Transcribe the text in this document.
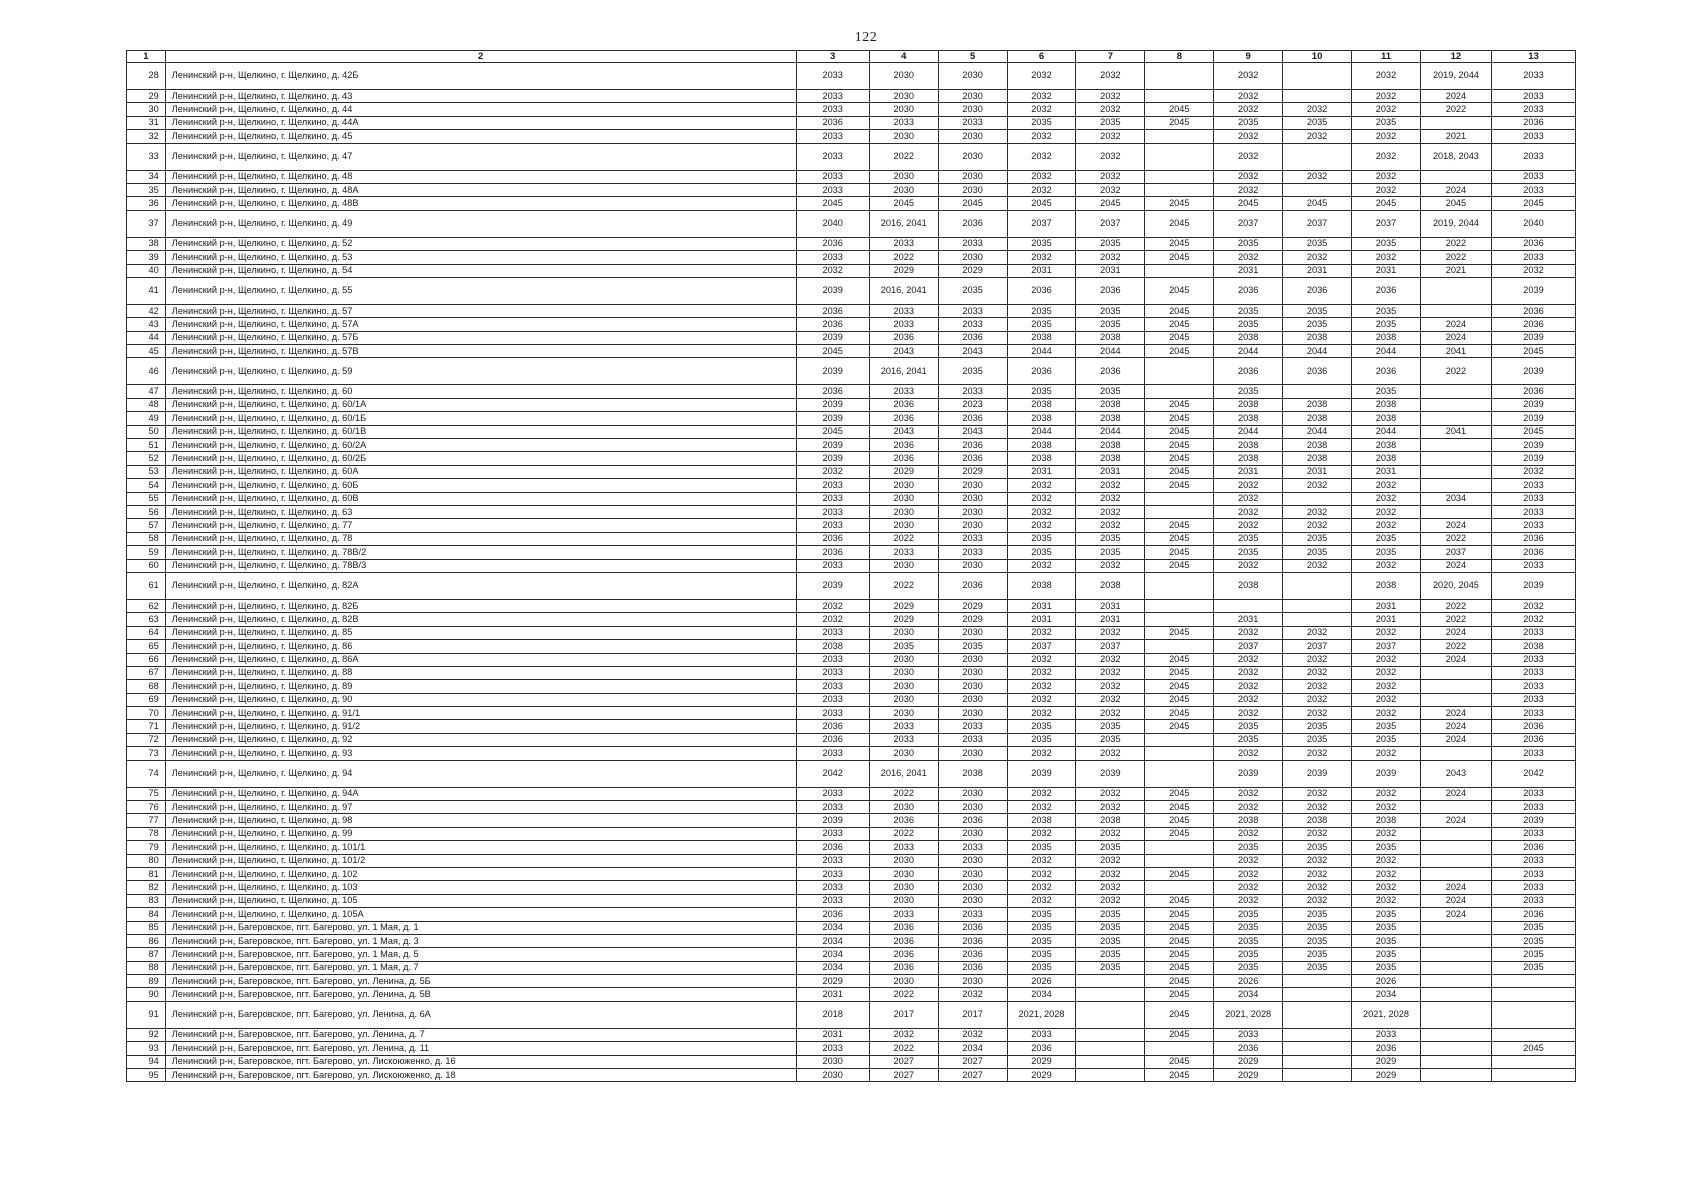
122
1	2	3	4	5	6	7	8	9	10	11	12	13
28	Ленинский р-н, Щелкино, г. Щелкино, д. 42Б	2033	2030	2030	2032	2032		2032		2032	2019, 2044	2033
29	Ленинский р-н, Щелкино, г. Щелкино, д. 43	2033	2030	2030	2032	2032		2032		2032	2024	2033
30	Ленинский р-н, Щелкино, г. Щелкино, д. 44	2033	2030	2030	2032	2032	2045	2032	2032	2032	2022	2033
31	Ленинский р-н, Щелкино, г. Щелкино, д. 44А	2036	2033	2033	2035	2035	2045	2035	2035	2035		2036
32	Ленинский р-н, Щелкино, г. Щелкино, д. 45	2033	2030	2030	2032	2032		2032	2032	2032	2021	2033
33	Ленинский р-н, Щелкино, г. Щелкино, д. 47	2033	2022	2030	2032	2032		2032		2032	2018, 2043	2033
34	Ленинский р-н, Щелкино, г. Щелкино, д. 48	2033	2030	2030	2032	2032		2032	2032	2032		2033
35	Ленинский р-н, Щелкино, г. Щелкино, д. 48А	2033	2030	2030	2032	2032		2032		2032	2024	2033
36	Ленинский р-н, Щелкино, г. Щелкино, д. 48В	2045	2045	2045	2045	2045	2045	2045	2045	2045	2045	2045
37	Ленинский р-н, Щелкино, г. Щелкино, д. 49	2040	2016, 2041	2036	2037	2037	2045	2037	2037	2037	2019, 2044	2040
38	Ленинский р-н, Щелкино, г. Щелкино, д. 52	2036	2033	2033	2035	2035	2045	2035	2035	2035	2022	2036
39	Ленинский р-н, Щелкино, г. Щелкино, д. 53	2033	2022	2030	2032	2032	2045	2032	2032	2032	2022	2033
40	Ленинский р-н, Щелкино, г. Щелкино, д. 54	2032	2029	2029	2031	2031		2031	2031	2031	2021	2032
41	Ленинский р-н, Щелкино, г. Щелкино, д. 55	2039	2016, 2041	2035	2036	2036	2045	2036	2036	2036		2039
42	Ленинский р-н, Щелкино, г. Щелкино, д. 57	2036	2033	2033	2035	2035	2045	2035	2035	2035		2036
43	Ленинский р-н, Щелкино, г. Щелкино, д. 57А	2036	2033	2033	2035	2035	2045	2035	2035	2035	2024	2036
44	Ленинский р-н, Щелкино, г. Щелкино, д. 57Б	2039	2036	2036	2038	2038	2045	2038	2038	2038	2024	2039
45	Ленинский р-н, Щелкино, г. Щелкино, д. 57В	2045	2043	2043	2044	2044	2045	2044	2044	2044	2041	2045
46	Ленинский р-н, Щелкино, г. Щелкино, д. 59	2039	2016, 2041	2035	2036	2036		2036	2036	2036	2022	2039
47	Ленинский р-н, Щелкино, г. Щелкино, д. 60	2036	2033	2033	2035	2035		2035		2035		2036
48	Ленинский р-н, Щелкино, г. Щелкино, д. 60/1А	2039	2036	2023	2038	2038	2045	2038	2038	2038		2039
49	Ленинский р-н, Щелкино, г. Щелкино, д. 60/1Б	2039	2036	2036	2038	2038	2045	2038	2038	2038		2039
50	Ленинский р-н, Щелкино, г. Щелкино, д. 60/1В	2045	2043	2043	2044	2044	2045	2044	2044	2044	2041	2045
51	Ленинский р-н, Щелкино, г. Щелкино, д. 60/2А	2039	2036	2036	2038	2038	2045	2038	2038	2038		2039
52	Ленинский р-н, Щелкино, г. Щелкино, д. 60/2Б	2039	2036	2036	2038	2038	2045	2038	2038	2038		2039
53	Ленинский р-н, Щелкино, г. Щелкино, д. 60А	2032	2029	2029	2031	2031	2045	2031	2031	2031		2032
54	Ленинский р-н, Щелкино, г. Щелкино, д. 60Б	2033	2030	2030	2032	2032	2045	2032	2032	2032		2033
55	Ленинский р-н, Щелкино, г. Щелкино, д. 60В	2033	2030	2030	2032	2032		2032		2032	2034	2033
56	Ленинский р-н, Щелкино, г. Щелкино, д. 63	2033	2030	2030	2032	2032		2032	2032	2032		2033
57	Ленинский р-н, Щелкино, г. Щелкино, д. 77	2033	2030	2030	2032	2032	2045	2032	2032	2032	2024	2033
58	Ленинский р-н, Щелкино, г. Щелкино, д. 78	2036	2022	2033	2035	2035	2045	2035	2035	2035	2022	2036
59	Ленинский р-н, Щелкино, г. Щелкино, д. 78В/2	2036	2033	2033	2035	2035	2045	2035	2035	2035	2037	2036
60	Ленинский р-н, Щелкино, г. Щелкино, д. 78В/3	2033	2030	2030	2032	2032	2045	2032	2032	2032	2024	2033
61	Ленинский р-н, Щелкино, г. Щелкино, д. 82А	2039	2022	2036	2038	2038		2038		2038	2020, 2045	2039
62	Ленинский р-н, Щелкино, г. Щелкино, д. 82Б	2032	2029	2029	2031	2031				2031	2022	2032
63	Ленинский р-н, Щелкино, г. Щелкино, д. 82В	2032	2029	2029	2031	2031		2031		2031	2022	2032
64	Ленинский р-н, Щелкино, г. Щелкино, д. 85	2033	2030	2030	2032	2032	2045	2032	2032	2032	2024	2033
65	Ленинский р-н, Щелкино, г. Щелкино, д. 86	2038	2035	2035	2037	2037		2037	2037	2037	2022	2038
66	Ленинский р-н, Щелкино, г. Щелкино, д. 86А	2033	2030	2030	2032	2032	2045	2032	2032	2032	2024	2033
67	Ленинский р-н, Щелкино, г. Щелкино, д. 88	2033	2030	2030	2032	2032	2045	2032	2032	2032		2033
68	Ленинский р-н, Щелкино, г. Щелкино, д. 89	2033	2030	2030	2032	2032	2045	2032	2032	2032		2033
69	Ленинский р-н, Щелкино, г. Щелкино, д. 90	2033	2030	2030	2032	2032	2045	2032	2032	2032		2033
70	Ленинский р-н, Щелкино, г. Щелкино, д. 91/1	2033	2030	2030	2032	2032	2045	2032	2032	2032	2024	2033
71	Ленинский р-н, Щелкино, г. Щелкино, д. 91/2	2036	2033	2033	2035	2035	2045	2035	2035	2035	2024	2036
72	Ленинский р-н, Щелкино, г. Щелкино, д. 92	2036	2033	2033	2035	2035		2035	2035	2035	2024	2036
73	Ленинский р-н, Щелкино, г. Щелкино, д. 93	2033	2030	2030	2032	2032		2032	2032	2032		2033
74	Ленинский р-н, Щелкино, г. Щелкино, д. 94	2042	2016, 2041	2038	2039	2039		2039	2039	2039	2043	2042
75	Ленинский р-н, Щелкино, г. Щелкино, д. 94А	2033	2022	2030	2032	2032	2045	2032	2032	2032	2024	2033
76	Ленинский р-н, Щелкино, г. Щелкино, д. 97	2033	2030	2030	2032	2032	2045	2032	2032	2032		2033
77	Ленинский р-н, Щелкино, г. Щелкино, д. 98	2039	2036	2036	2038	2038	2045	2038	2038	2038	2024	2039
78	Ленинский р-н, Щелкино, г. Щелкино, д. 99	2033	2022	2030	2032	2032	2045	2032	2032	2032		2033
79	Ленинский р-н, Щелкино, г. Щелкино, д. 101/1	2036	2033	2033	2035	2035		2035	2035	2035		2036
80	Ленинский р-н, Щелкино, г. Щелкино, д. 101/2	2033	2030	2030	2032	2032		2032	2032	2032		2033
81	Ленинский р-н, Щелкино, г. Щелкино, д. 102	2033	2030	2030	2032	2032	2045	2032	2032	2032		2033
82	Ленинский р-н, Щелкино, г. Щелкино, д. 103	2033	2030	2030	2032	2032		2032	2032	2032	2024	2033
83	Ленинский р-н, Щелкино, г. Щелкино, д. 105	2033	2030	2030	2032	2032	2045	2032	2032	2032	2024	2033
84	Ленинский р-н, Щелкино, г. Щелкино, д. 105А	2036	2033	2033	2035	2035	2045	2035	2035	2035	2024	2036
85	Ленинский р-н, Багеровское, пгт. Багерово, ул. 1 Мая, д. 1	2034	2036	2036	2035	2035	2045	2035	2035	2035		2035
86	Ленинский р-н, Багеровское, пгт. Багерово, ул. 1 Мая, д. 3	2034	2036	2036	2035	2035	2045	2035	2035	2035		2035
87	Ленинский р-н, Багеровское, пгт. Багерово, ул. 1 Мая, д. 5	2034	2036	2036	2035	2035	2045	2035	2035	2035		2035
88	Ленинский р-н, Багеровское, пгт. Багерово, ул. 1 Мая, д. 7	2034	2036	2036	2035	2035	2045	2035	2035	2035		2035
89	Ленинский р-н, Багеровское, пгт. Багерово, ул. Ленина, д. 5Б	2029	2030	2030	2026		2045	2026		2026		
90	Ленинский р-н, Багеровское, пгт. Багерово, ул. Ленина, д. 5В	2031	2022	2032	2034		2045	2034		2034		
91	Ленинский р-н, Багеровское, пгт. Багерово, ул. Ленина, д. 6А	2018	2017	2017	2021, 2028		2045	2021, 2028		2021, 2028		
92	Ленинский р-н, Багеровское, пгт. Багерово, ул. Ленина, д. 7	2031	2032	2032	2033		2045	2033		2033		
93	Ленинский р-н, Багеровское, пгт. Багерово, ул. Ленина, д. 11	2033	2022	2034	2036			2036		2036		2045
94	Ленинский р-н, Багеровское, пгт. Багерово, ул. Лискоюженко, д. 16	2030	2027	2027	2029		2045	2029		2029		
95	Ленинский р-н, Багеровское, пгт. Багерово, ул. Лискоюженко, д. 18	2030	2027	2027	2029		2045	2029		2029		
